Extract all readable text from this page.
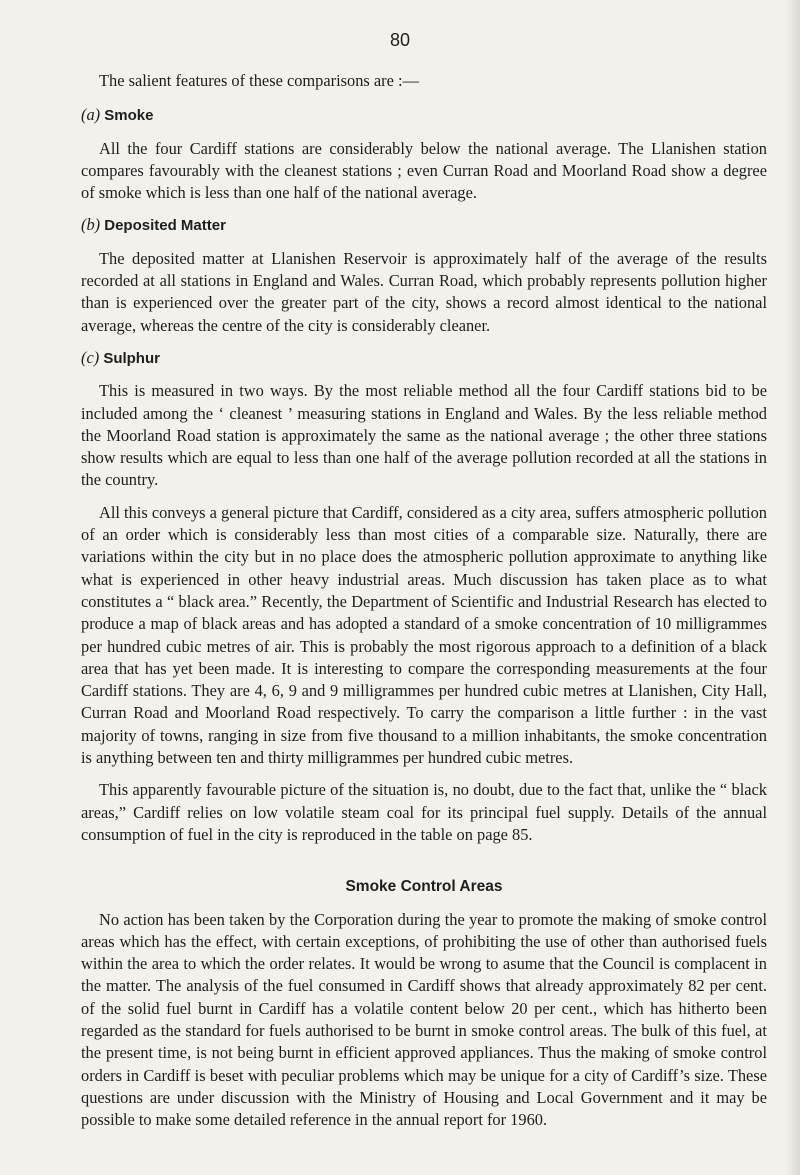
80

The salient features of these comparisons are :—

(a) Smoke

All the four Cardiff stations are considerably below the national average. The Llanishen station compares favourably with the cleanest stations ; even Curran Road and Moorland Road show a degree of smoke which is less than one half of the national average.

(b) Deposited Matter

The deposited matter at Llanishen Reservoir is approximately half of the average of the results recorded at all stations in England and Wales. Curran Road, which probably represents pollution higher than is experienced over the greater part of the city, shows a record almost identical to the national average, whereas the centre of the city is considerably cleaner.

(c) Sulphur

This is measured in two ways. By the most reliable method all the four Cardiff stations bid to be included among the ‘ cleanest ’ measuring stations in England and Wales. By the less reliable method the Moorland Road station is approximately the same as the national average ; the other three stations show results which are equal to less than one half of the average pollution recorded at all the stations in the country.

All this conveys a general picture that Cardiff, considered as a city area, suffers atmospheric pollution of an order which is considerably less than most cities of a comparable size. Naturally, there are variations within the city but in no place does the atmospheric pollution approximate to anything like what is experienced in other heavy industrial areas. Much discussion has taken place as to what constitutes a “ black area.” Recently, the Department of Scientific and Industrial Research has elected to produce a map of black areas and has adopted a standard of a smoke concentration of 10 milligrammes per hundred cubic metres of air. This is probably the most rigorous approach to a definition of a black area that has yet been made. It is interesting to compare the corresponding measurements at the four Cardiff stations. They are 4, 6, 9 and 9 milligrammes per hundred cubic metres at Llanishen, City Hall, Curran Road and Moorland Road respectively. To carry the comparison a little further : in the vast majority of towns, ranging in size from five thousand to a million inhabitants, the smoke concentration is anything between ten and thirty milligrammes per hundred cubic metres.

This apparently favourable picture of the situation is, no doubt, due to the fact that, unlike the “ black areas,” Cardiff relies on low volatile steam coal for its principal fuel supply. Details of the annual consumption of fuel in the city is reproduced in the table on page 85.

Smoke Control Areas

No action has been taken by the Corporation during the year to promote the making of smoke control areas which has the effect, with certain exceptions, of prohibiting the use of other than authorised fuels within the area to which the order relates. It would be wrong to asume that the Council is complacent in the matter. The analysis of the fuel consumed in Cardiff shows that already approximately 82 per cent. of the solid fuel burnt in Cardiff has a volatile content below 20 per cent., which has hitherto been regarded as the standard for fuels authorised to be burnt in smoke control areas. The bulk of this fuel, at the present time, is not being burnt in efficient approved appliances. Thus the making of smoke control orders in Cardiff is beset with peculiar problems which may be unique for a city of Cardiff’s size. These questions are under discussion with the Ministry of Housing and Local Government and it may be possible to make some detailed reference in the annual report for 1960.
